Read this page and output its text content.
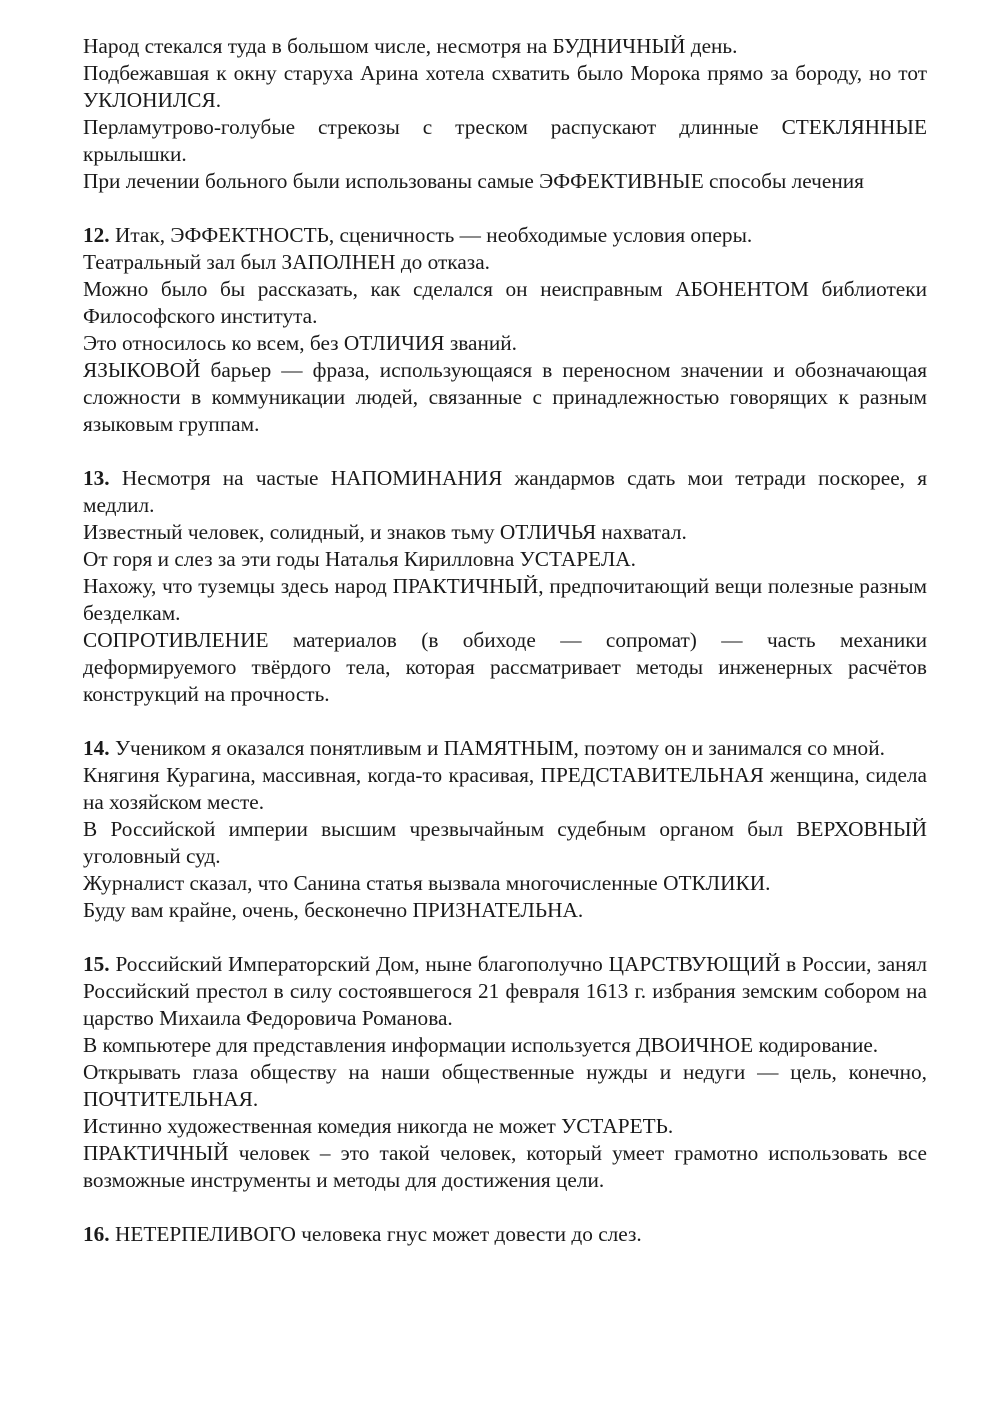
Народ стекался туда в большом числе, несмотря на БУДНИЧНЫЙ день.

Подбежавшая к окну старуха Арина хотела схватить было Морока прямо за бороду, но тот УКЛОНИЛСЯ.

Перламутрово-голубые стрекозы с треском распускают длинные СТЕКЛЯННЫЕ крылышки.

При лечении больного были использованы самые ЭФФЕКТИВНЫЕ способы лечения

12. Итак, ЭФФЕКТНОСТЬ, сценичность — необходимые условия оперы.

Театральный зал был ЗАПОЛНЕН до отказа.

Можно было бы рассказать, как сделался он неисправным АБОНЕНТОМ библиотеки Философского института.

Это относилось ко всем, без ОТЛИЧИЯ званий.

ЯЗЫКОВОЙ барьер — фраза, использующаяся в переносном значении и обозначающая сложности в коммуникации людей, связанные с принадлежностью говорящих к разным языковым группам.

13. Несмотря на частые НАПОМИНАНИЯ жандармов сдать мои тетради поскорее, я медлил.

Известный человек, солидный, и знаков тьму ОТЛИЧЬЯ нахватал.

От горя и слез за эти годы Наталья Кирилловна УСТАРЕЛА.

Нахожу, что туземцы здесь народ ПРАКТИЧНЫЙ, предпочитающий вещи полезные разным безделкам.

СОПРОТИВЛЕНИЕ материалов (в обиходе — сопромат) — часть механики деформируемого твёрдого тела, которая рассматривает методы инженерных расчётов конструкций на прочность.

14. Учеником я оказался понятливым и ПАМЯТНЫМ, поэтому он и занимался со мной.

Княгиня Курагина, массивная, когда-то красивая, ПРЕДСТАВИТЕЛЬНАЯ женщина, сидела на хозяйском месте.

В Российской империи высшим чрезвычайным судебным органом был ВЕРХОВНЫЙ уголовный суд.

Журналист сказал, что Санина статья вызвала многочисленные ОТКЛИКИ.

Буду вам крайне, очень, бесконечно ПРИЗНАТЕЛЬНА.

15. Российский Императорский Дом, ныне благополучно ЦАРСТВУЮЩИЙ в России, занял Российский престол в силу состоявшегося 21 февраля 1613 г. избрания земским собором на царство Михаила Федоровича Романова.

В компьютере для представления информации используется ДВОИЧНОЕ кодирование.

Открывать глаза обществу на наши общественные нужды и недуги — цель, конечно, ПОЧТИТЕЛЬНАЯ.

Истинно художественная комедия никогда не может УСТАРЕТЬ.

ПРАКТИЧНЫЙ человек – это такой человек, который умеет грамотно использовать все возможные инструменты и методы для достижения цели.

16. НЕТЕРПЕЛИВОГО человека гнус может довести до слез.
